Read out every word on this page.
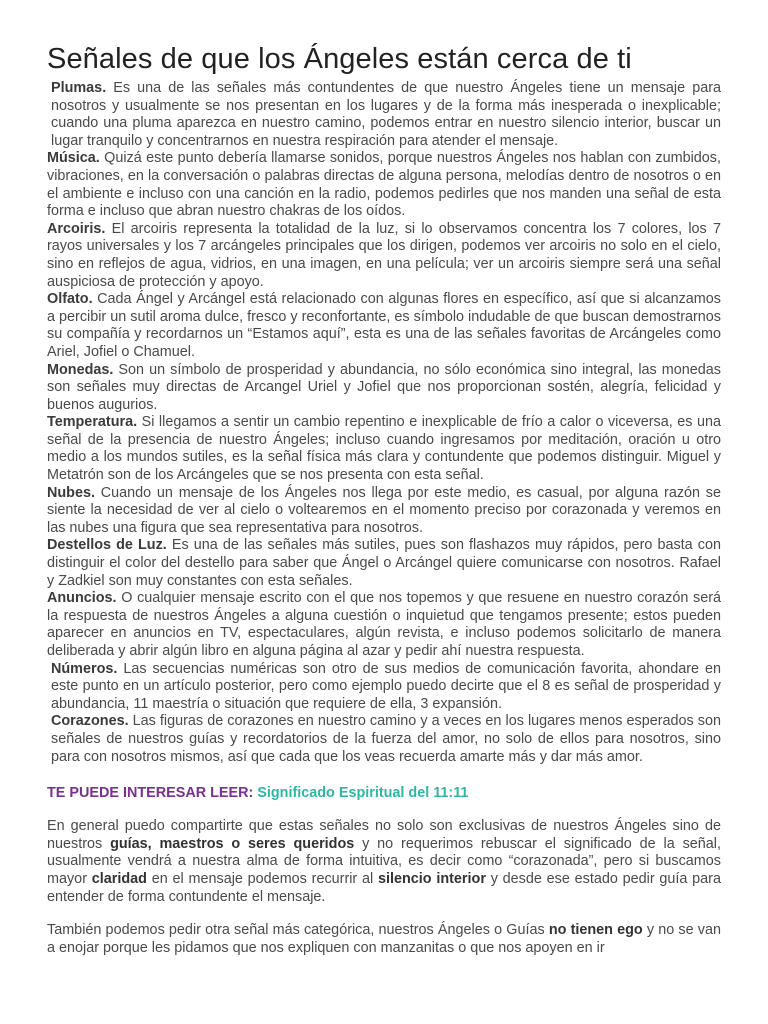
Señales de que los Ángeles están cerca de ti

Plumas. Es una de las señales más contundentes de que nuestro Ángeles tiene un mensaje para nosotros y usualmente se nos presentan en los lugares y de la forma más inesperada o inexplicable; cuando una pluma aparezca en nuestro camino, podemos entrar en nuestro silencio interior, buscar un lugar tranquilo y concentrarnos en nuestra respiración para atender el mensaje.

Música. Quizá este punto debería llamarse sonidos, porque nuestros Ángeles nos hablan con zumbidos, vibraciones, en la conversación o palabras directas de alguna persona, melodías dentro de nosotros o en el ambiente e incluso con una canción en la radio, podemos pedirles que nos manden una señal de esta forma e incluso que abran nuestro chakras de los oídos.

Arcoiris. El arcoiris representa la totalidad de la luz, si lo observamos concentra los 7 colores, los 7 rayos universales y los 7 arcángeles principales que los dirigen, podemos ver arcoiris no solo en el cielo, sino en reflejos de agua, vidrios, en una imagen, en una película; ver un arcoiris siempre será una señal auspiciosa de protección y apoyo.

Olfato. Cada Ángel y Arcángel está relacionado con algunas flores en específico, así que si alcanzamos a percibir un sutil aroma dulce, fresco y reconfortante, es símbolo indudable de que buscan demostrarnos su compañía y recordarnos un “Estamos aquí”, esta es una de las señales favoritas de Arcángeles como Ariel, Jofiel o Chamuel.

Monedas. Son un símbolo de prosperidad y abundancia, no sólo económica sino integral, las monedas son señales muy directas de Arcangel Uriel y Jofiel que nos proporcionan sostén, alegría, felicidad y buenos augurios.

Temperatura. Si llegamos a sentir un cambio repentino e inexplicable de frío a calor o viceversa, es una señal de la presencia de nuestro Ángeles; incluso cuando ingresamos por meditación, oración u otro medio a los mundos sutiles, es la señal física más clara y contundente que podemos distinguir. Miguel y Metatrón son de los Arcángeles que se nos presenta con esta señal.

Nubes. Cuando un mensaje de los Ángeles nos llega por este medio, es casual, por alguna razón se siente la necesidad de ver al cielo o voltearemos en el momento preciso por corazonada y veremos en las nubes una figura que sea representativa para nosotros.

Destellos de Luz. Es una de las señales más sutiles, pues son flashazos muy rápidos, pero basta con distinguir el color del destello para saber que Ángel o Arcángel quiere comunicarse con nosotros. Rafael y Zadkiel son muy constantes con esta señales.

Anuncios. O cualquier mensaje escrito con el que nos topemos y que resuene en nuestro corazón será la respuesta de nuestros Ángeles a alguna cuestión o inquietud que tengamos presente; estos pueden aparecer en anuncios en TV, espectaculares, algún revista, e incluso podemos solicitarlo de manera deliberada y abrir algún libro en alguna página al azar y pedir ahí nuestra respuesta.

Números. Las secuencias numéricas son otro de sus medios de comunicación favorita, ahondare en este punto en un artículo posterior, pero como ejemplo puedo decirte que el 8 es señal de prosperidad y abundancia, 11 maestría o situación que requiere de ella, 3 expansión.

Corazones. Las figuras de corazones en nuestro camino y a veces en los lugares menos esperados son señales de nuestros guías y recordatorios de la fuerza del amor, no solo de ellos para nosotros, sino para con nosotros mismos, así que cada que los veas recuerda amarte más y dar más amor.

TE PUEDE INTERESAR LEER: Significado Espiritual del 11:11

En general puedo compartirte que estas señales no solo son exclusivas de nuestros Ángeles sino de nuestros guías, maestros o seres queridos y no requerimos rebuscar el significado de la señal, usualmente vendrá a nuestra alma de forma intuitiva, es decir como “corazonada”, pero si buscamos mayor claridad en el mensaje podemos recurrir al silencio interior y desde ese estado pedir guía para entender de forma contundente el mensaje.

También podemos pedir otra señal más categórica, nuestros Ángeles o Guías no tienen ego y no se van a enojar porque les pidamos que nos expliquen con manzanitas o que nos apoyen en ir
